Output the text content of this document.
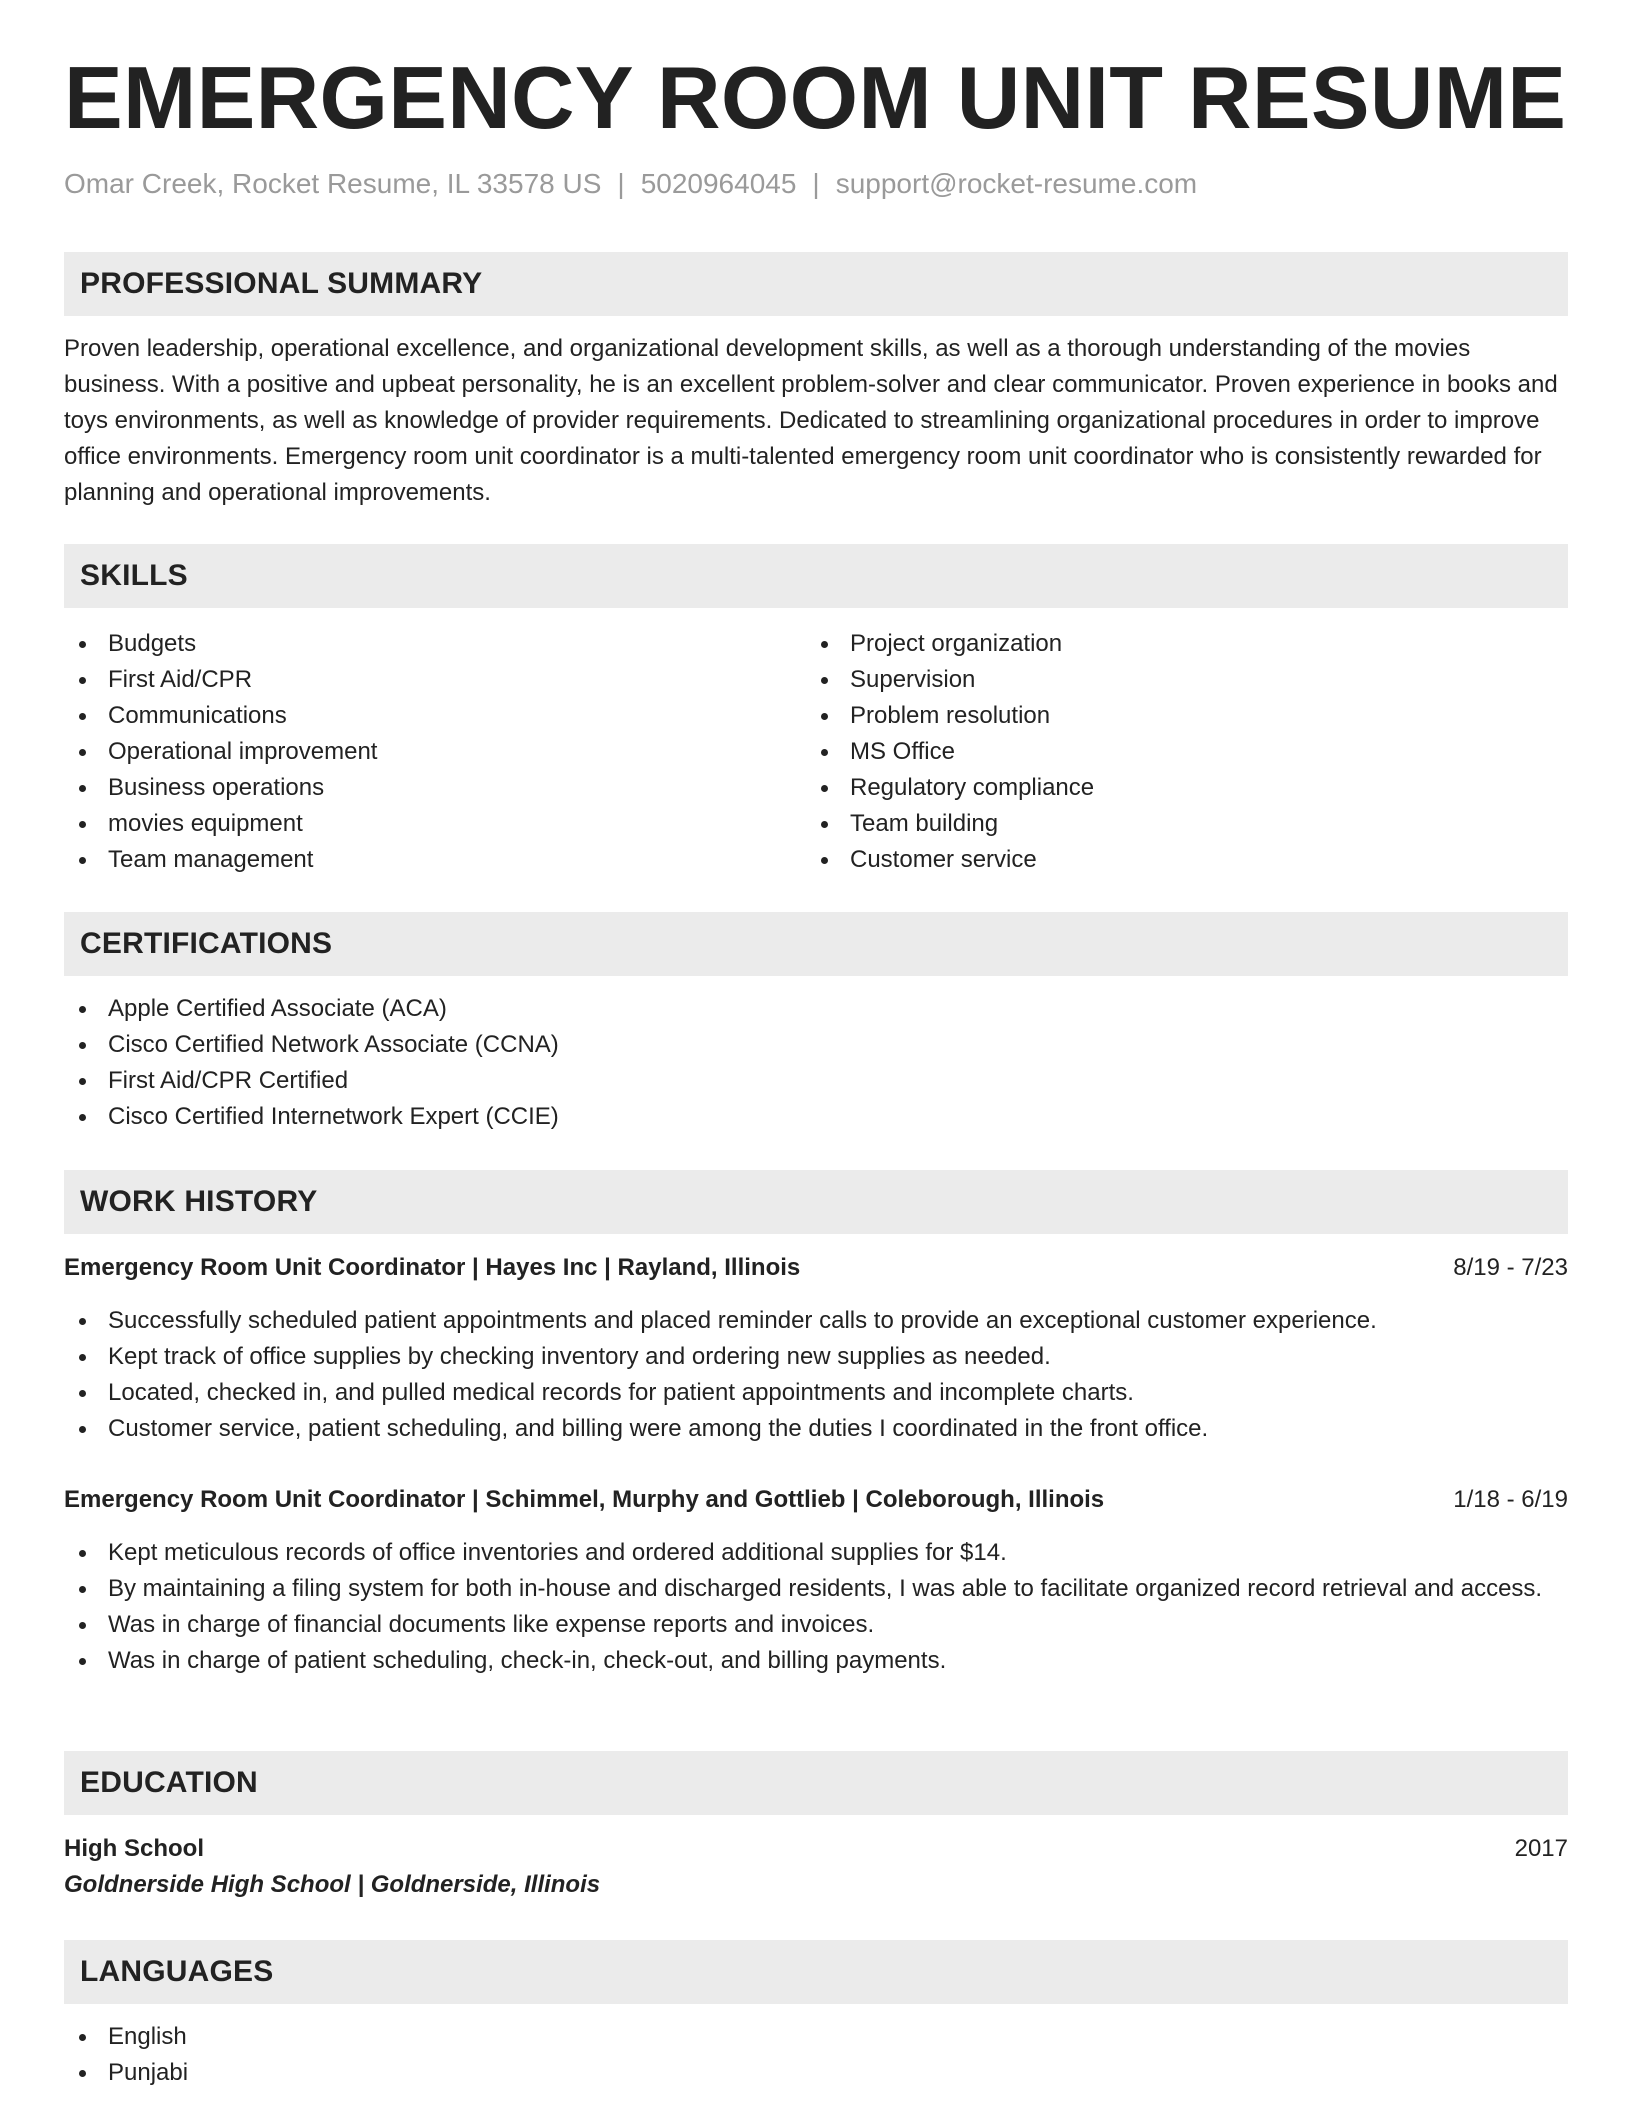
EMERGENCY ROOM UNIT RESUME
Omar Creek, Rocket Resume, IL 33578 US | 5020964045 | support@rocket-resume.com
PROFESSIONAL SUMMARY

Proven leadership, operational excellence, and organizational development skills, as well as a thorough understanding of the movies business. With a positive and upbeat personality, he is an excellent problem-solver and clear communicator. Proven experience in books and toys environments, as well as knowledge of provider requirements. Dedicated to streamlining organizational procedures in order to improve office environments. Emergency room unit coordinator is a multi-talented emergency room unit coordinator who is consistently rewarded for planning and operational improvements.

SKILLS
Budgets
First Aid/CPR
Communications
Operational improvement
Business operations
movies equipment
Team management
Project organization
Supervision
Problem resolution
MS Office
Regulatory compliance
Team building
Customer service
CERTIFICATIONS
Apple Certified Associate (ACA)
Cisco Certified Network Associate (CCNA)
First Aid/CPR Certified
Cisco Certified Internetwork Expert (CCIE)
WORK HISTORY
Emergency Room Unit Coordinator | Hayes Inc | Rayland, Illinois	8/19 - 7/23
Successfully scheduled patient appointments and placed reminder calls to provide an exceptional customer experience.
Kept track of office supplies by checking inventory and ordering new supplies as needed.
Located, checked in, and pulled medical records for patient appointments and incomplete charts.
Customer service, patient scheduling, and billing were among the duties I coordinated in the front office.
Emergency Room Unit Coordinator | Schimmel, Murphy and Gottlieb | Coleborough, Illinois	1/18 - 6/19
Kept meticulous records of office inventories and ordered additional supplies for $14.
By maintaining a filing system for both in-house and discharged residents, I was able to facilitate organized record retrieval and access.
Was in charge of financial documents like expense reports and invoices.
Was in charge of patient scheduling, check-in, check-out, and billing payments.
EDUCATION
High School	2017
Goldnerside High School | Goldnerside, Illinois
LANGUAGES
English
Punjabi
